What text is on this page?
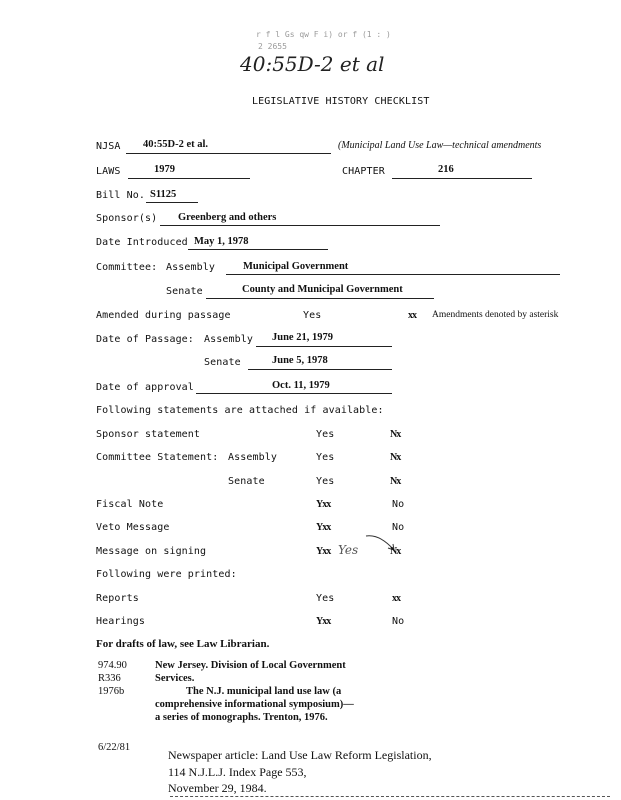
r f l Gs qw F i) or f (1 : )
2 2655
40:55D-2 et al
LEGISLATIVE HISTORY CHECKLIST
NJSA 40:55D-2 et al.	(Municipal Land Use Law—technical amendments
LAWS	1979	CHAPTER	216
Bill No. S1125
Sponsor(s) Greenberg and others
Date Introduced May 1, 1978
Committee: Assembly	Municipal Government
Senate	County and Municipal Government
Amended during passage	Yes	xx Amendments denoted by asterisk
Date of Passage: Assembly June 21, 1979
Senate	June 5, 1978
Date of approval	Oct. 11, 1979
Following statements are attached if available:
Sponsor statement	Yes	Nx
Committee Statement: Assembly	Yes	Nx
Senate	Yes	Nx
Fiscal Note	Yxx	No
Veto Message	Yxx	No
Message on signing	Yxx Yes	Nx
Following were printed:
Reports	Yes	xx
Hearings	Yxx	No
For drafts of law, see Law Librarian.
974.90
R336
1976b
New Jersey. Division of Local Government
Services.
The N.J. municipal land use law (a
comprehensive informational symposium)—
a series of monographs. Trenton, 1976.
6/22/81
Newspaper article: Land Use Law Reform Legislation,
114 N.J.L.J. Index Page 553,
November 29, 1984.
